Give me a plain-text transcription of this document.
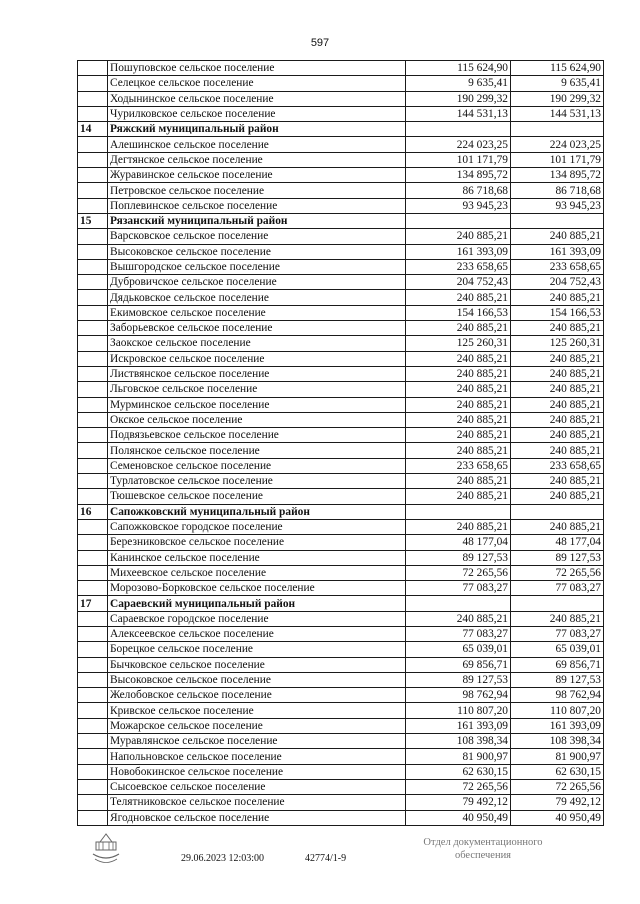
597
	Пошуповское сельское поселение	115 624,90	115 624,90
	Селецкое сельское поселение	9 635,41	9 635,41
	Ходынинское сельское поселение	190 299,32	190 299,32
	Чурилковское сельское поселение	144 531,13	144 531,13
14	Ряжский муниципальный район		
	Алешинское сельское поселение	224 023,25	224 023,25
	Дегтянское сельское поселение	101 171,79	101 171,79
	Журавинское сельское поселение	134 895,72	134 895,72
	Петровское сельское поселение	86 718,68	86 718,68
	Поплевинское сельское поселение	93 945,23	93 945,23
15	Рязанский муниципальный район		
	Варсковское сельское поселение	240 885,21	240 885,21
	Высоковское сельское поселение	161 393,09	161 393,09
	Вышгородское сельское поселение	233 658,65	233 658,65
	Дубровичское сельское поселение	204 752,43	204 752,43
	Дядьковское сельское поселение	240 885,21	240 885,21
	Екимовское сельское поселение	154 166,53	154 166,53
	Заборьевское сельское поселение	240 885,21	240 885,21
	Заокское сельское поселение	125 260,31	125 260,31
	Искровское сельское поселение	240 885,21	240 885,21
	Листвянское сельское поселение	240 885,21	240 885,21
	Льговское сельское поселение	240 885,21	240 885,21
	Мурминское сельское поселение	240 885,21	240 885,21
	Окское сельское поселение	240 885,21	240 885,21
	Подвязьевское сельское поселение	240 885,21	240 885,21
	Полянское сельское поселение	240 885,21	240 885,21
	Семеновское сельское поселение	233 658,65	233 658,65
	Турлатовское сельское поселение	240 885,21	240 885,21
	Тюшевское сельское поселение	240 885,21	240 885,21
16	Сапожковский муниципальный район		
	Сапожковское городское поселение	240 885,21	240 885,21
	Березниковское сельское поселение	48 177,04	48 177,04
	Канинское сельское поселение	89 127,53	89 127,53
	Михеевское сельское поселение	72 265,56	72 265,56
	Морозово-Борковское сельское поселение	77 083,27	77 083,27
17	Сараевский муниципальный район		
	Сараевское городское поселение	240 885,21	240 885,21
	Алексеевское сельское поселение	77 083,27	77 083,27
	Борецкое сельское поселение	65 039,01	65 039,01
	Бычковское сельское поселение	69 856,71	69 856,71
	Высоковское сельское поселение	89 127,53	89 127,53
	Желобовское сельское поселение	98 762,94	98 762,94
	Кривское сельское поселение	110 807,20	110 807,20
	Можарское сельское поселение	161 393,09	161 393,09
	Муравлянское сельское поселение	108 398,34	108 398,34
	Напольновское сельское поселение	81 900,97	81 900,97
	Новобокинское сельское поселение	62 630,15	62 630,15
	Сысоевское сельское поселение	72 265,56	72 265,56
	Телятниковское сельское поселение	79 492,12	79 492,12
	Ягодновское сельское поселение	40 950,49	40 950,49
29.06.2023 12:03:00	42774/1-9
Отдел документационного
обеспечения
